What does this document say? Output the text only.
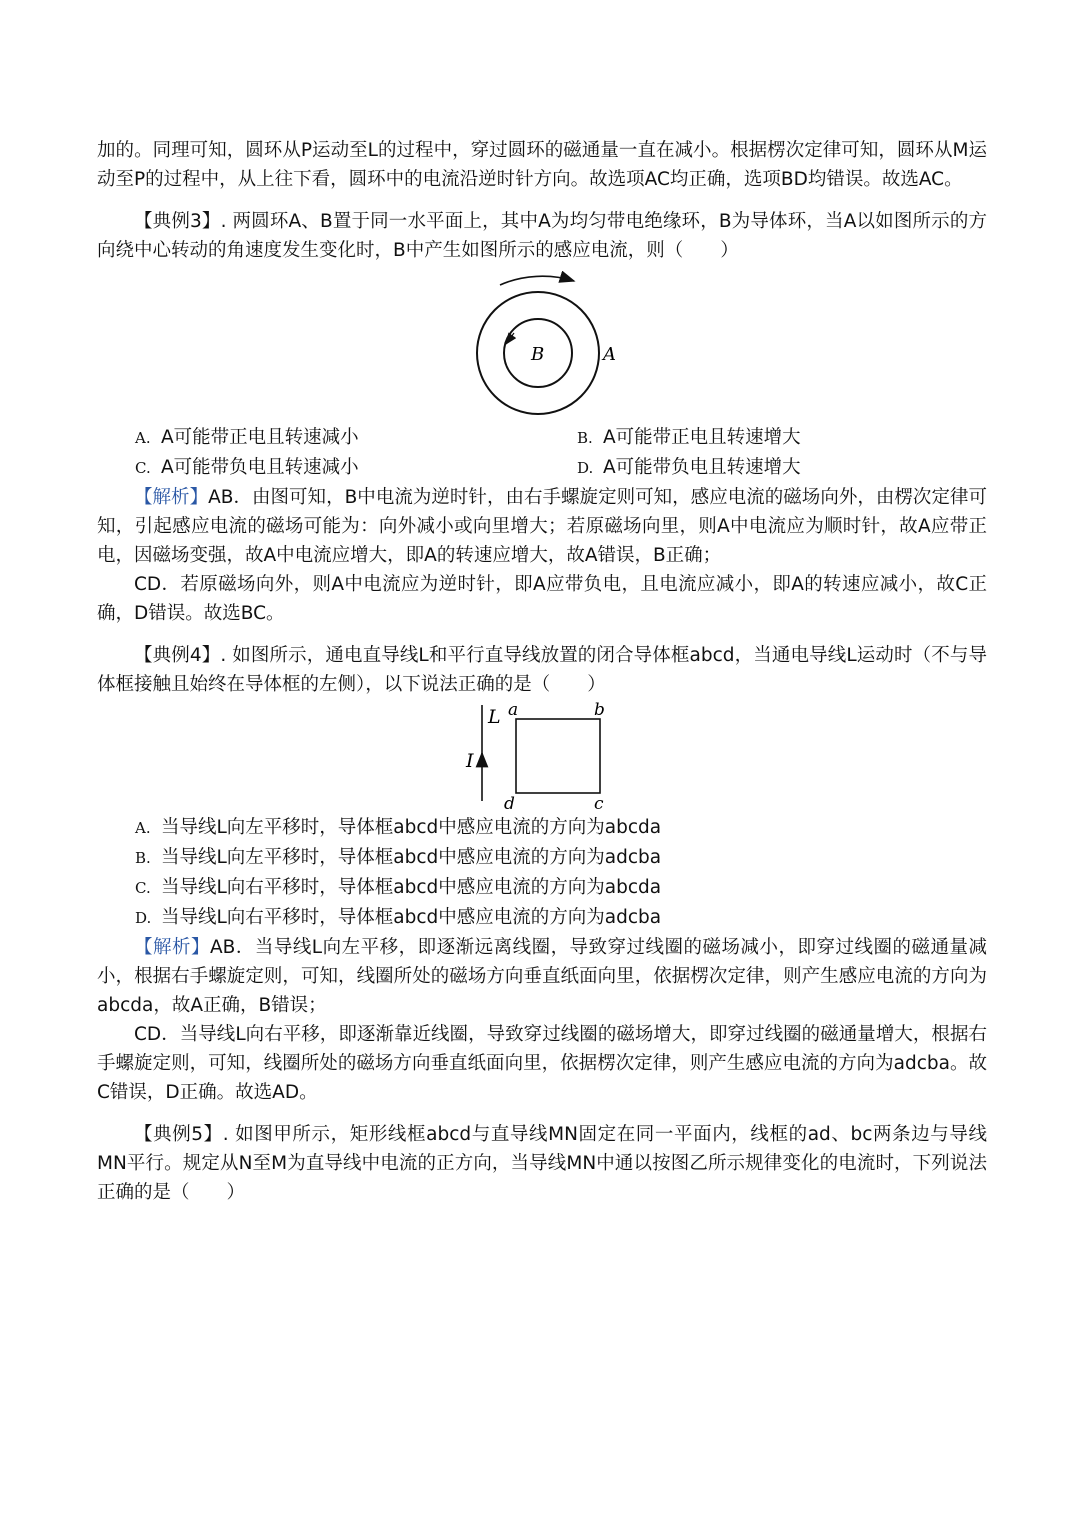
加的。同理可知，圆环从P运动至L的过程中，穿过圆环的磁通量一直在减小。根据楞次定律可知，圆环从M运动至P的过程中，从上往下看，圆环中的电流沿逆时针方向。故选项AC均正确，选项BD均错误。故选AC。

【典例3】. 两圆环A、B置于同一水平面上，其中A为均匀带电绝缘环，B为导体环，当A以如图所示的方向绕中心转动的角速度发生变化时，B中产生如图所示的感应电流，则（　　）

B	A

A. A可能带正电且转速减小	B. A可能带正电且转速增大

C. A可能带负电且转速减小	D. A可能带负电且转速增大

【解析】AB．由图可知，B中电流为逆时针，由右手螺旋定则可知，感应电流的磁场向外，由楞次定律可知，引起感应电流的磁场可能为：向外减小或向里增大；若原磁场向里，则A中电流应为顺时针，故A应带正电，因磁场变强，故A中电流应增大，即A的转速应增大，故A错误，B正确；

CD．若原磁场向外，则A中电流应为逆时针，即A应带负电，且电流应减小，即A的转速应减小，故C正确，D错误。故选BC。

【典例4】. 如图所示，通电直导线L和平行直导线放置的闭合导体框abcd，当通电导线L运动时（不与导体框接触且始终在导体框的左侧），以下说法正确的是（　　）

L
I
a	b
c
d

A. 当导线L向左平移时，导体框abcd中感应电流的方向为abcda

B. 当导线L向左平移时，导体框abcd中感应电流的方向为adcba

C. 当导线L向右平移时，导体框abcd中感应电流的方向为abcda

D. 当导线L向右平移时，导体框abcd中感应电流的方向为adcba

【解析】AB．当导线L向左平移，即逐渐远离线圈，导致穿过线圈的磁场减小，即穿过线圈的磁通量减小，根据右手螺旋定则，可知，线圈所处的磁场方向垂直纸面向里，依据楞次定律，则产生感应电流的方向为abcda，故A正确，B错误；

CD．当导线L向右平移，即逐渐靠近线圈，导致穿过线圈的磁场增大，即穿过线圈的磁通量增大，根据右手螺旋定则，可知，线圈所处的磁场方向垂直纸面向里，依据楞次定律，则产生感应电流的方向为adcba。故C错误，D正确。故选AD。

【典例5】. 如图甲所示，矩形线框abcd与直导线MN固定在同一平面内，线框的ad、bc两条边与导线MN平行。规定从N至M为直导线中电流的正方向，当导线MN中通以按图乙所示规律变化的电流时，下列说法正确的是（　　）
